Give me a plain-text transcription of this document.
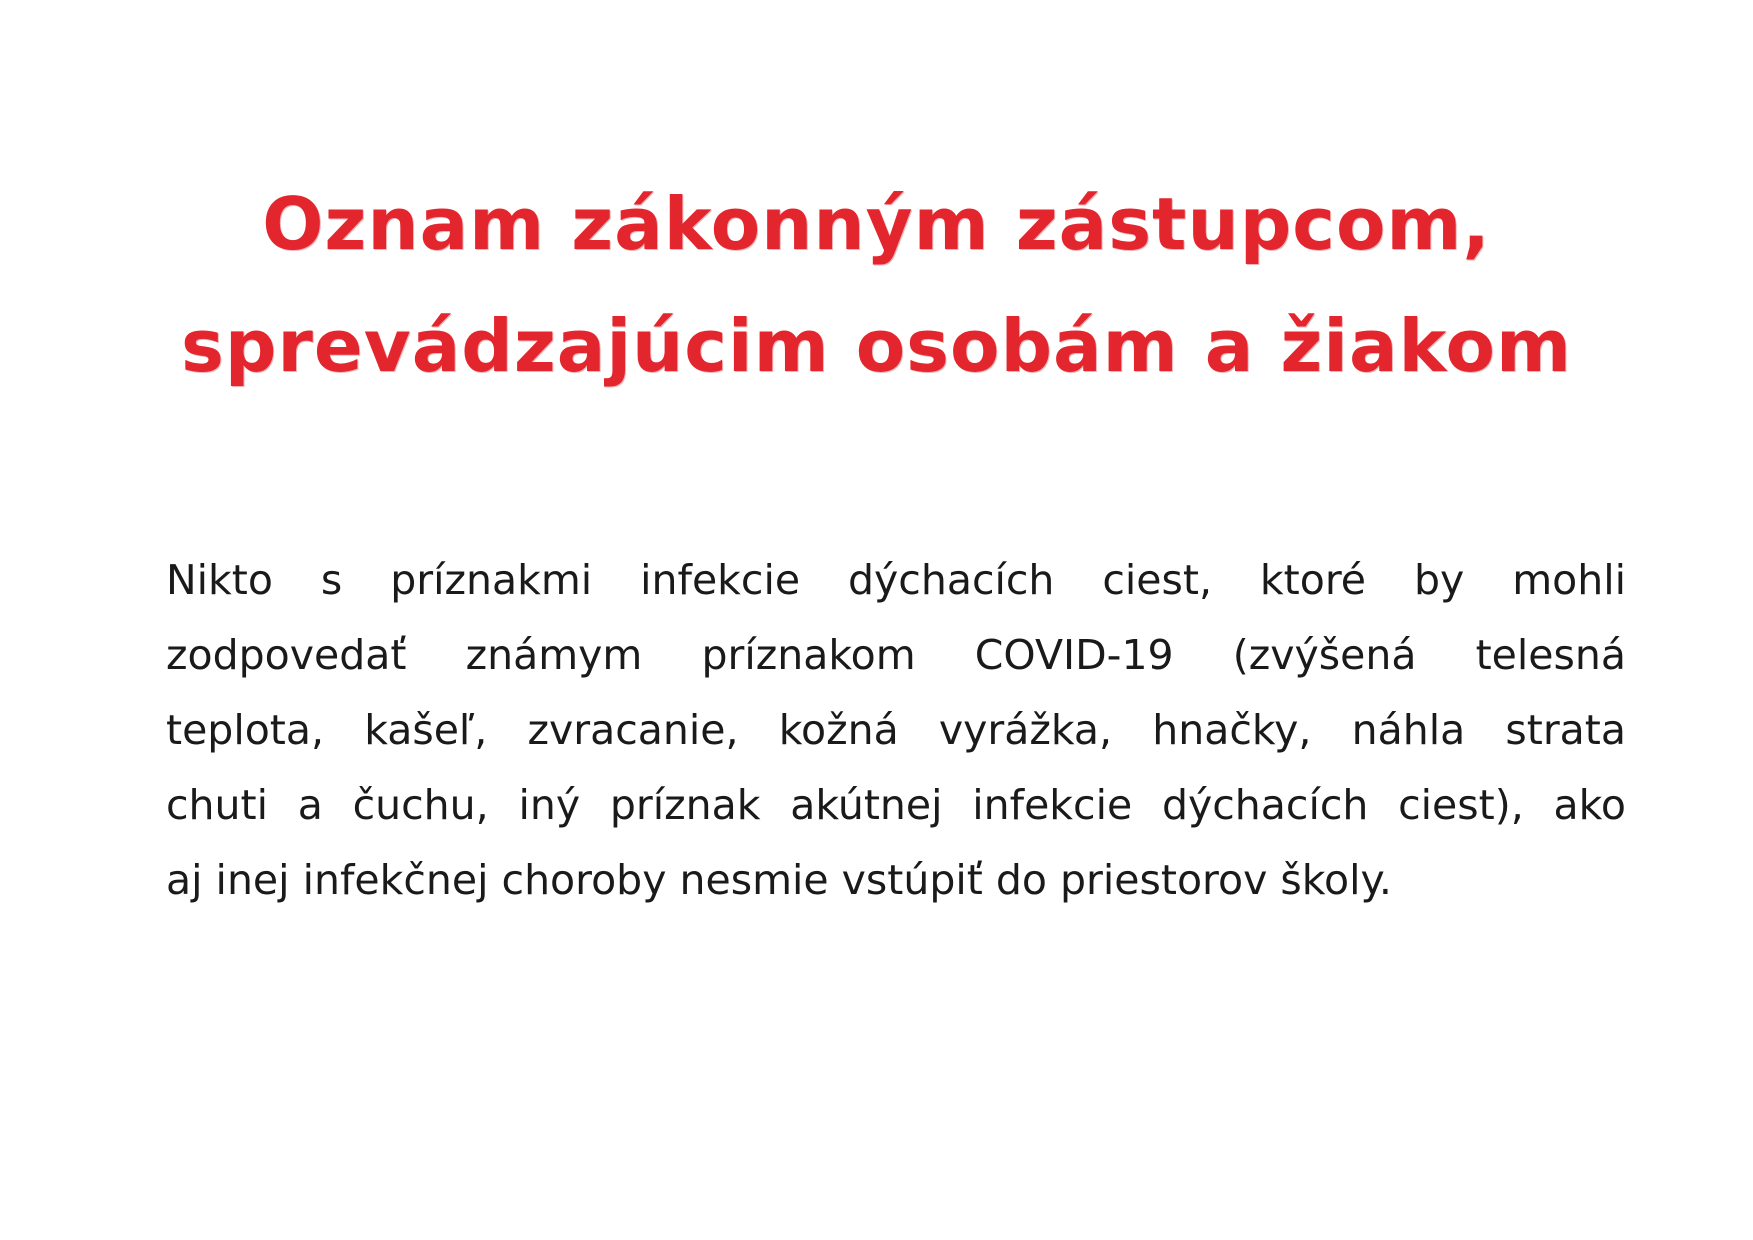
Oznam zákonným zástupcom,
sprevádzajúcim osobám a žiakom
Nikto s príznakmi infekcie dýchacích ciest, ktoré by mohli
zodpovedať známym príznakom COVID-19 (zvýšená telesná
teplota, kašeľ, zvracanie, kožná vyrážka, hnačky, náhla strata
chuti a čuchu, iný príznak akútnej infekcie dýchacích ciest), ako
aj inej infekčnej choroby nesmie vstúpiť do priestorov školy.
